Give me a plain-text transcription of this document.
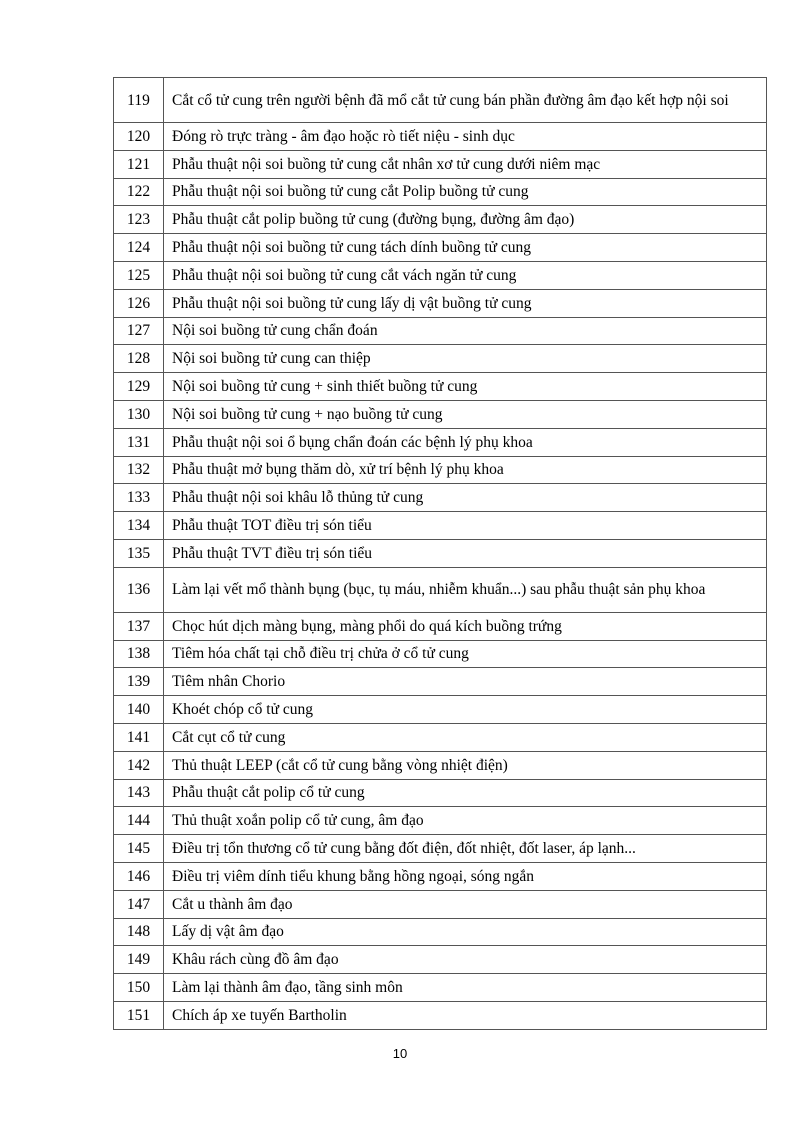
119	Cắt cổ tử cung trên người bệnh đã mổ cắt tử cung bán phần đường âm đạo kết hợp nội soi
120	Đóng rò trực tràng - âm đạo hoặc rò tiết niệu - sinh dục
121	Phẫu thuật nội soi buồng tử cung cắt nhân xơ tử cung dưới niêm mạc
122	Phẫu thuật nội soi buồng tử cung cắt Polip buồng tử cung
123	Phẫu thuật cắt polip buồng tử cung (đường bụng, đường âm đạo)
124	Phẫu thuật nội soi buồng tử cung tách dính buồng tử cung
125	Phẫu thuật nội soi buồng tử cung cắt vách ngăn tử cung
126	Phẫu thuật nội soi buồng tử cung lấy dị vật buồng tử cung
127	Nội soi buồng tử cung chẩn đoán
128	Nội soi buồng tử cung can thiệp
129	Nội soi buồng tử cung + sinh thiết buồng tử cung
130	Nội soi buồng tử cung + nạo buồng tử cung
131	Phẫu thuật nội soi ổ bụng chẩn đoán các bệnh lý phụ khoa
132	Phẫu thuật mở bụng thăm dò, xử trí bệnh lý phụ khoa
133	Phẫu thuật nội soi khâu lỗ thủng tử cung
134	Phẫu thuật TOT điều trị són tiểu
135	Phẫu thuật TVT điều trị són tiểu
136	Làm lại vết mổ thành bụng (bục, tụ máu, nhiễm khuẩn...) sau phẫu thuật sản phụ khoa
137	Chọc hút dịch màng bụng, màng phổi do quá kích buồng trứng
138	Tiêm hóa chất tại chỗ điều trị chửa ở cổ tử cung
139	Tiêm nhân Chorio
140	Khoét chóp cổ tử cung
141	Cắt cụt cổ tử cung
142	Thủ thuật LEEP (cắt cổ tử cung bằng vòng nhiệt điện)
143	Phẫu thuật cắt polip cổ tử cung
144	Thủ thuật xoắn polip cổ tử cung, âm đạo
145	Điều trị tổn thương cổ tử cung bằng đốt điện, đốt nhiệt, đốt laser, áp lạnh...
146	Điều trị viêm dính tiểu khung bằng hồng ngoại, sóng ngắn
147	Cắt u thành âm đạo
148	Lấy dị vật âm đạo
149	Khâu rách cùng đồ âm đạo
150	Làm lại thành âm đạo, tầng sinh môn
151	Chích áp xe tuyến Bartholin
10
